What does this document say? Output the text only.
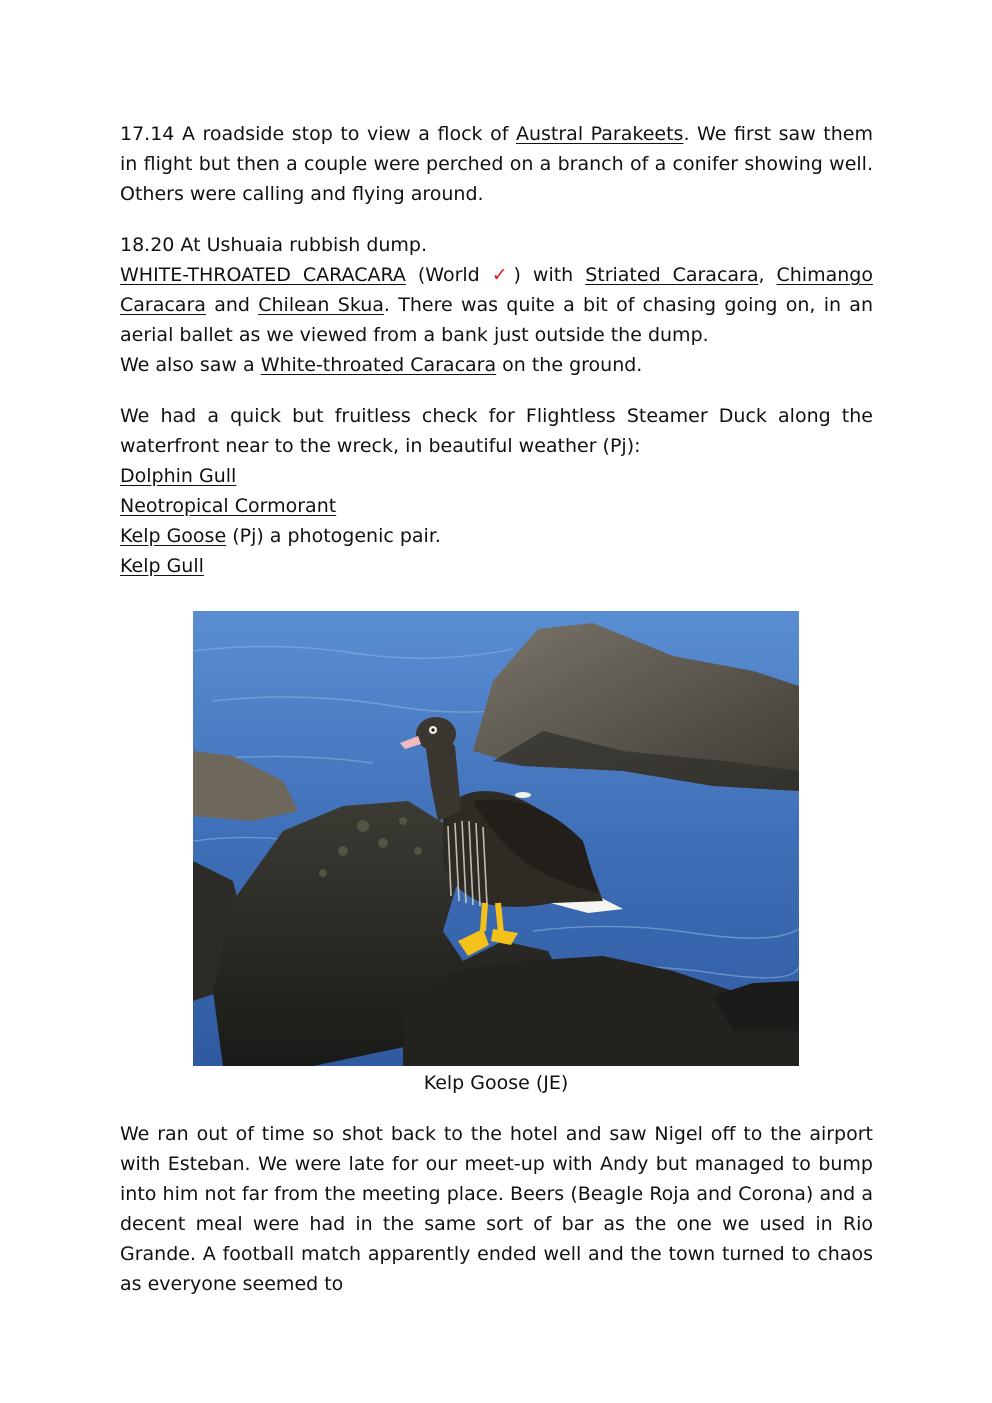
17.14 A roadside stop to view a flock of Austral Parakeets. We first saw them in flight but then a couple were perched on a branch of a conifer showing well. Others were calling and flying around.

18.20 At Ushuaia rubbish dump.

WHITE-THROATED CARACARA (World ✓) with Striated Caracara, Chimango Caracara and Chilean Skua. There was quite a bit of chasing going on, in an aerial ballet as we viewed from a bank just outside the dump.

We also saw a White-throated Caracara on the ground.

We had a quick but fruitless check for Flightless Steamer Duck along the waterfront near to the wreck, in beautiful weather (Pj):

Dolphin Gull
Neotropical Cormorant
Kelp Goose (Pj) a photogenic pair.
Kelp Gull
Kelp Goose (JE)

We ran out of time so shot back to the hotel and saw Nigel off to the airport with Esteban. We were late for our meet-up with Andy but managed to bump into him not far from the meeting place. Beers (Beagle Roja and Corona) and a decent meal were had in the same sort of bar as the one we used in Rio Grande. A football match apparently ended well and the town turned to chaos as everyone seemed to
